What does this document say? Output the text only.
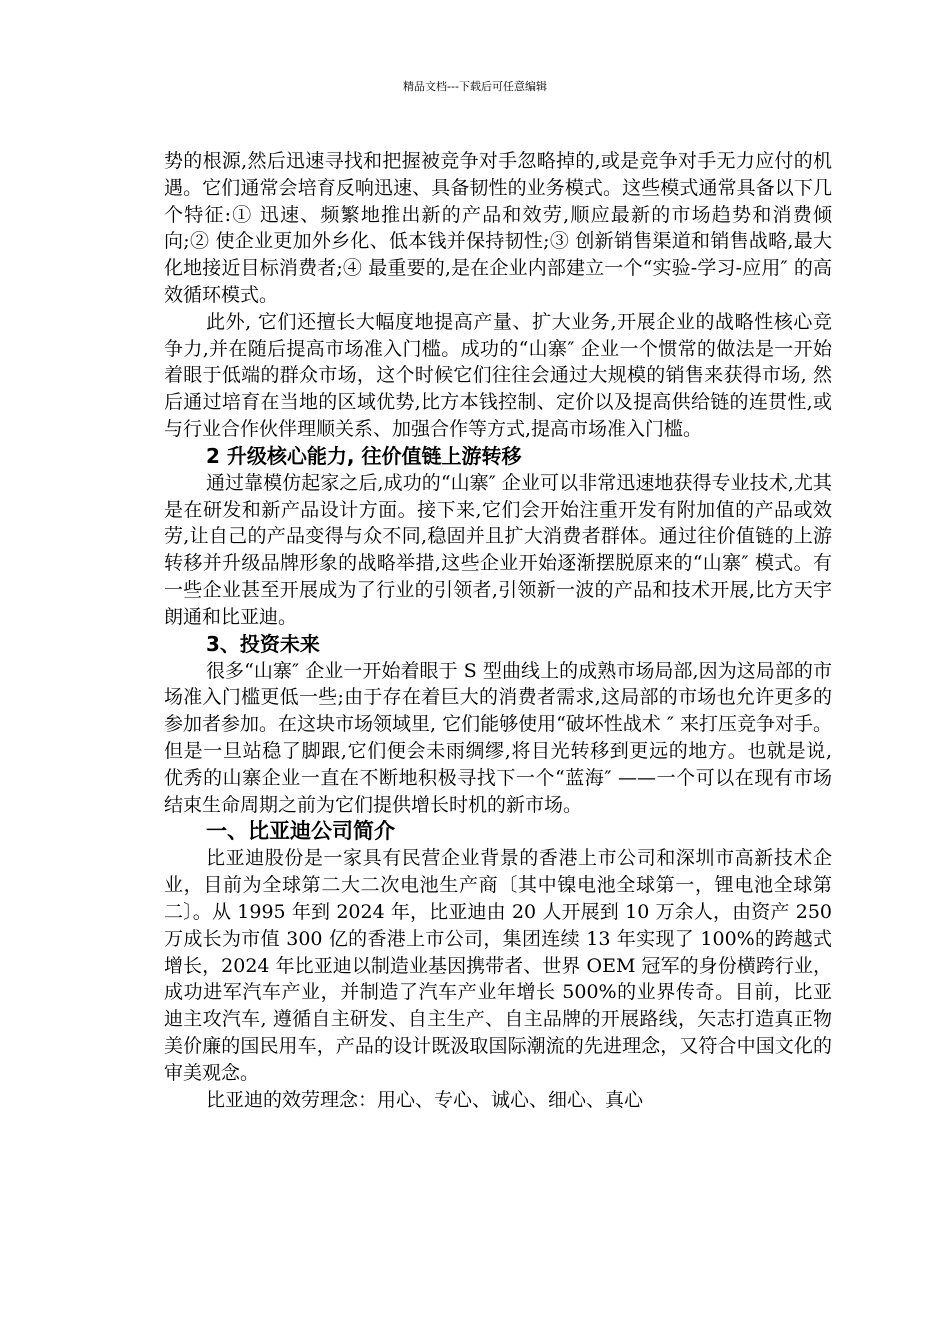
精品文档---下载后可任意编辑

势的根源,然后迅速寻找和把握被竞争对手忽略掉的,或是竞争对手无力应付的机遇。它们通常会培育反响迅速、具备韧性的业务模式。这些模式通常具备以下几个特征:① 迅速、频繁地推出新的产品和效劳,顺应最新的市场趋势和消费倾向;② 使企业更加外乡化、低本钱并保持韧性;③ 创新销售渠道和销售战略,最大化地接近目标消费者;④ 最重要的,是在企业内部建立一个“实验-学习-应用″ 的高效循环模式。

此外, 它们还擅长大幅度地提高产量、扩大业务,开展企业的战略性核心竞争力,并在随后提高市场准入门槛。成功的“山寨″ 企业一个惯常的做法是一开始着眼于低端的群众市场，这个时候它们往往会通过大规模的销售来获得市场, 然后通过培育在当地的区域优势,比方本钱控制、定价以及提高供给链的连贯性,或与行业合作伙伴理顺关系、加强合作等方式,提高市场准入门槛。

2 升级核心能力, 往价值链上游转移

通过靠模仿起家之后,成功的“山寨″ 企业可以非常迅速地获得专业技术,尤其是在研发和新产品设计方面。接下来,它们会开始注重开发有附加值的产品或效劳,让自己的产品变得与众不同,稳固并且扩大消费者群体。通过往价值链的上游转移并升级品牌形象的战略举措,这些企业开始逐渐摆脱原来的“山寨″ 模式。有一些企业甚至开展成为了行业的引领者,引领新一波的产品和技术开展,比方天宇朗通和比亚迪。

3、投资未来

很多“山寨″ 企业一开始着眼于 S 型曲线上的成熟市场局部,因为这局部的市场准入门槛更低一些;由于存在着巨大的消费者需求,这局部的市场也允许更多的参加者参加。在这块市场领域里, 它们能够使用“破坏性战术 ″ 来打压竞争对手。但是一旦站稳了脚跟,它们便会未雨绸缪,将目光转移到更远的地方。也就是说, 优秀的山寨企业一直在不断地积极寻找下一个“蓝海″ ——一个可以在现有市场结束生命周期之前为它们提供增长时机的新市场。

一、比亚迪公司简介

比亚迪股份是一家具有民营企业背景的香港上市公司和深圳市高新技术企业，目前为全球第二大二次电池生产商〔其中镍电池全球第一，锂电池全球第二〕。从 1995 年到 2024 年，比亚迪由 20 人开展到 10 万余人，由资产 250 万成长为市值 300 亿的香港上市公司，集团连续 13 年实现了 100%的跨越式增长，2024 年比亚迪以制造业基因携带者、世界 OEM 冠军的身份横跨行业，成功进军汽车产业，并制造了汽车产业年增长 500%的业界传奇。目前，比亚迪主攻汽车, 遵循自主研发、自主生产、自主品牌的开展路线，矢志打造真正物美价廉的国民用车，产品的设计既汲取国际潮流的先进理念，又符合中国文化的审美观念。

比亚迪的效劳理念：用心、专心、诚心、细心、真心
